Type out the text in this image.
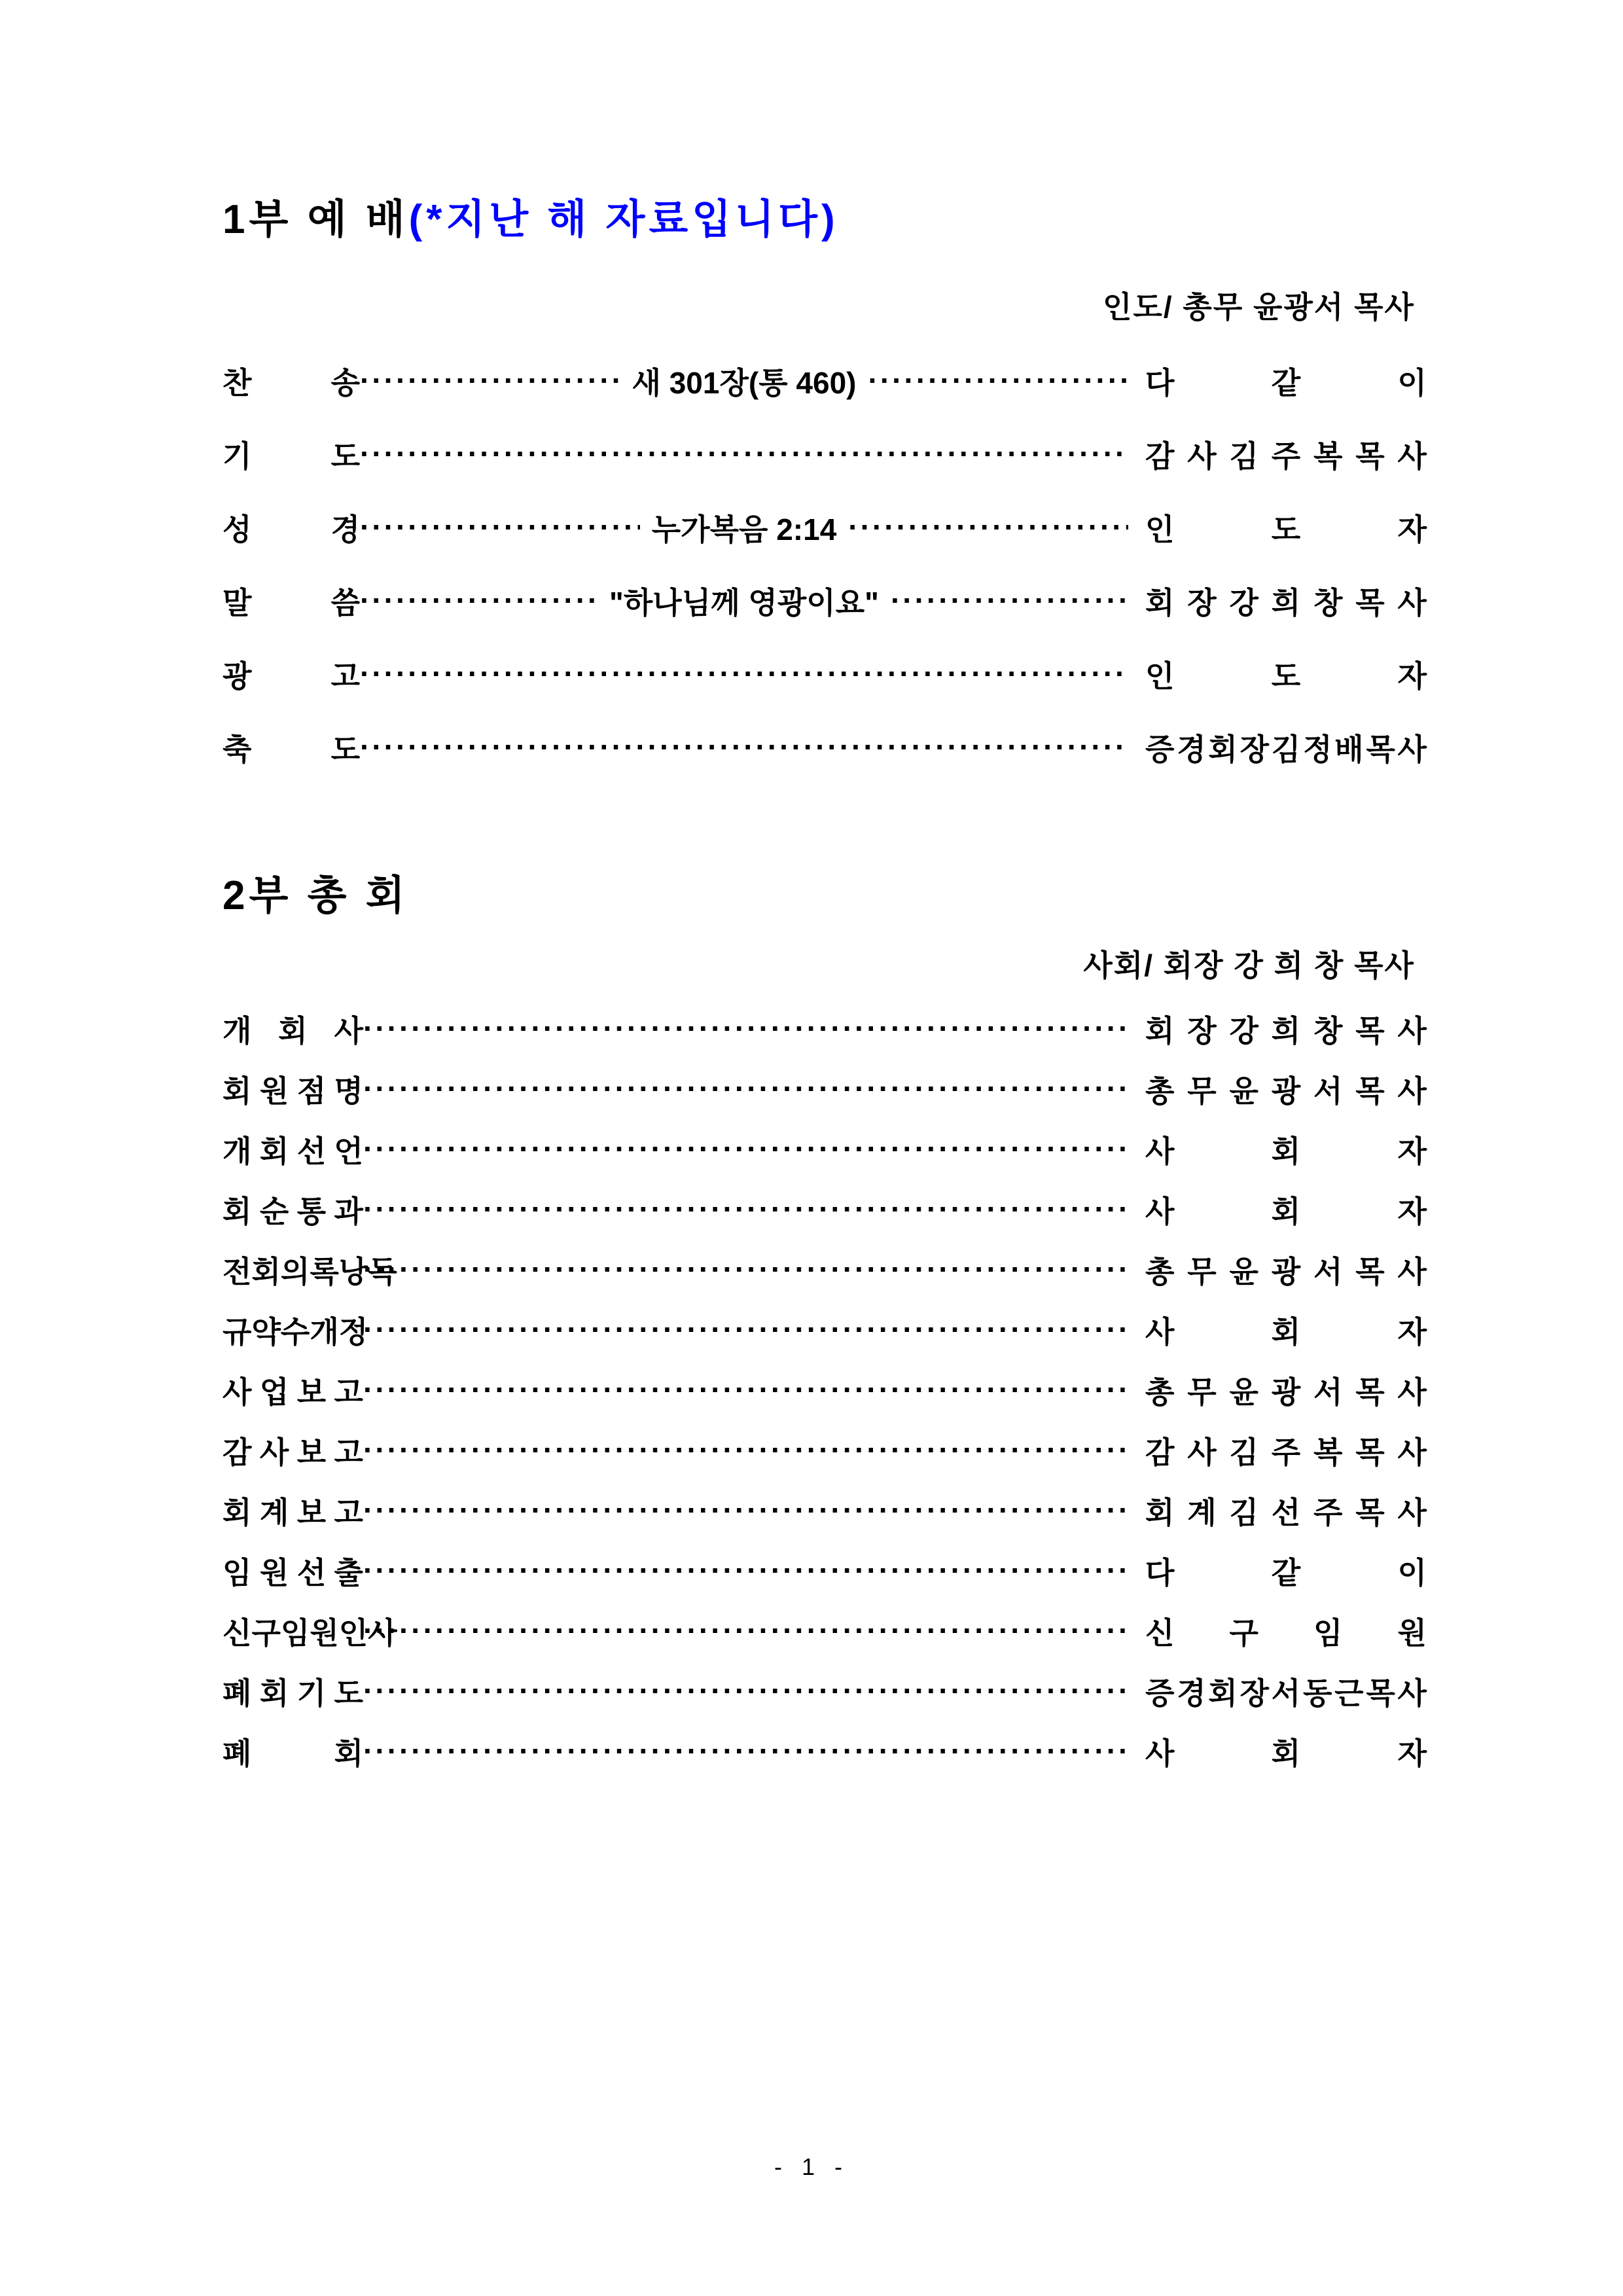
1부 예 배(*지난 해 자료입니다)
인도/ 총무 윤광서 목사
찬	송 ·····	새 301장(통 460) ·····	다	같	이
기	도 ·····	감 사 김 주 복 목 사
성	경 ·····	누가복음 2:14 ·····	인	도	자
말	씀 ·····	"하나님께 영광이요" ·····	회 장 강 희 창 목 사
광	고 ·····	인	도	자
축	도 ·····	증 경 회 장 김 정 배 목 사
2부 총 회
사회/ 회장 강 희 창 목사
개 회 사 ·····	회 장 강 희 창 목 사
회 원 점 명 ·····	총 무 윤 광 서 목 사
개 회 선 언 ·····	사	회	자
회 순 통 과 ·····	사	회	자
전 회 의 록 낭 독 ·····	총 무 윤 광 서 목 사
규 약 수 개 정 ·····	사	회	자
사 업 보 고 ·····	총 무 윤 광 서 목 사
감 사 보 고 ·····	감 사 김 주 복 목 사
회 계 보 고 ·····	회 계 김 선 주 목 사
임 원 선 출 ·····	다	같	이
신 구 임 원 인 사 ·····	신 구 임 원
폐 회 기 도 ·····	증 경 회 장 서 동 근 목 사
폐	회 ·····	사	회	자
- 1 -
